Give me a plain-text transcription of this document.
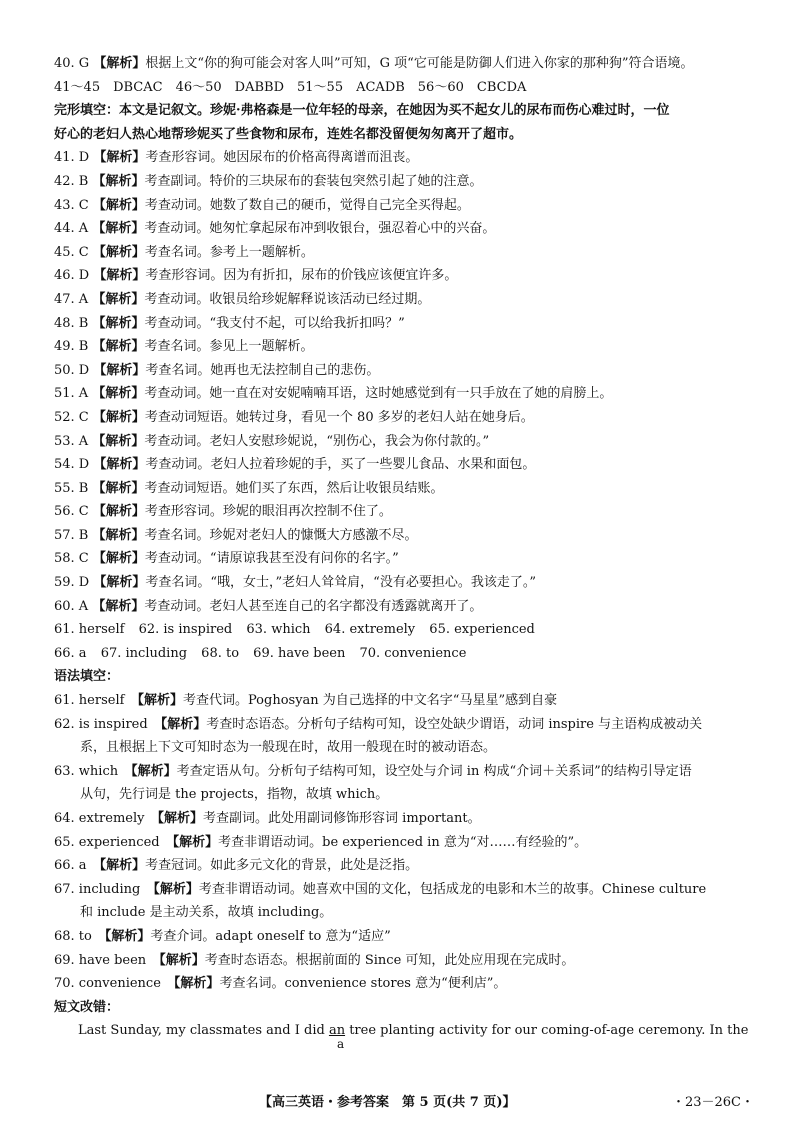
40. G 【解析】根据上文“你的狗可能会对客人叫”可知，G 项“它可能是防御人们进入你家的那种狗”符合语境。
41～45　DBCAC　46～50　DABBD　51～55　ACADB　56～60　CBCDA
完形填空：本文是记叙文。珍妮·弗格森是一位年轻的母亲，在她因为买不起女儿的尿布而伤心难过时，一位
好心的老妇人热心地帮珍妮买了些食物和尿布，连姓名都没留便匆匆离开了超市。
41. D 【解析】考查形容词。她因尿布的价格高得离谱而沮丧。
42. B 【解析】考查副词。特价的三块尿布的套装包突然引起了她的注意。
43. C 【解析】考查动词。她数了数自己的硬币，觉得自己完全买得起。
44. A 【解析】考查动词。她匆忙拿起尿布冲到收银台，强忍着心中的兴奋。
45. C 【解析】考查名词。参考上一题解析。
46. D 【解析】考查形容词。因为有折扣，尿布的价钱应该便宜许多。
47. A 【解析】考查动词。收银员给珍妮解释说该活动已经过期。
48. B 【解析】考查动词。“我支付不起，可以给我折扣吗？”
49. B 【解析】考查名词。参见上一题解析。
50. D 【解析】考查名词。她再也无法控制自己的悲伤。
51. A 【解析】考查动词。她一直在对安妮喃喃耳语，这时她感觉到有一只手放在了她的肩膀上。
52. C 【解析】考查动词短语。她转过身，看见一个 80 多岁的老妇人站在她身后。
53. A 【解析】考查动词。老妇人安慰珍妮说，“别伤心，我会为你付款的。”
54. D 【解析】考查动词。老妇人拉着珍妮的手，买了一些婴儿食品、水果和面包。
55. B 【解析】考查动词短语。她们买了东西，然后让收银员结账。
56. C 【解析】考查形容词。珍妮的眼泪再次控制不住了。
57. B 【解析】考查名词。珍妮对老妇人的慷慨大方感激不尽。
58. C 【解析】考查动词。“请原谅我甚至没有问你的名字。”
59. D 【解析】考查名词。“哦，女士，”老妇人耸耸肩，“没有必要担心。我该走了。”
60. A 【解析】考查动词。老妇人甚至连自己的名字都没有透露就离开了。
61. herself 62. is inspired 63. which 64. extremely 65. experienced
66. a 67. including 68. to 69. have been 70. convenience
语法填空：
61. herself　 【解析】考查代词。Poghosyan 为自己选择的中文名字“马星星”感到自豪
62. is inspired　 【解析】考查时态语态。分析句子结构可知，设空处缺少谓语，动词 inspire 与主语构成被动关
系，且根据上下文可知时态为一般现在时，故用一般现在时的被动语态。
63. which　 【解析】考查定语从句。分析句子结构可知，设空处与介词 in 构成“介词＋关系词”的结构引导定语
从句，先行词是 the projects，指物，故填 which。
64. extremely　 【解析】考查副词。此处用副词修饰形容词 important。
65. experienced　 【解析】考查非谓语动词。be experienced in 意为“对……有经验的”。
66. a　 【解析】考查冠词。如此多元文化的背景，此处是泛指。
67. including　 【解析】考查非谓语动词。她喜欢中国的文化，包括成龙的电影和木兰的故事。Chinese culture
和 include 是主动关系，故填 including。
68. to　 【解析】考查介词。adapt oneself to 意为“适应”
69. have been　 【解析】考查时态语态。根据前面的 Since 可知，此处应用现在完成时。
70. convenience　 【解析】考查名词。convenience stores 意为“便利店”。
短文改错：
Last Sunday, my classmates and I did an tree planting activity for our coming-of-age ceremony. In the
a
【高三英语・参考答案　第 5 页(共 7 页)】	・23－26C・
